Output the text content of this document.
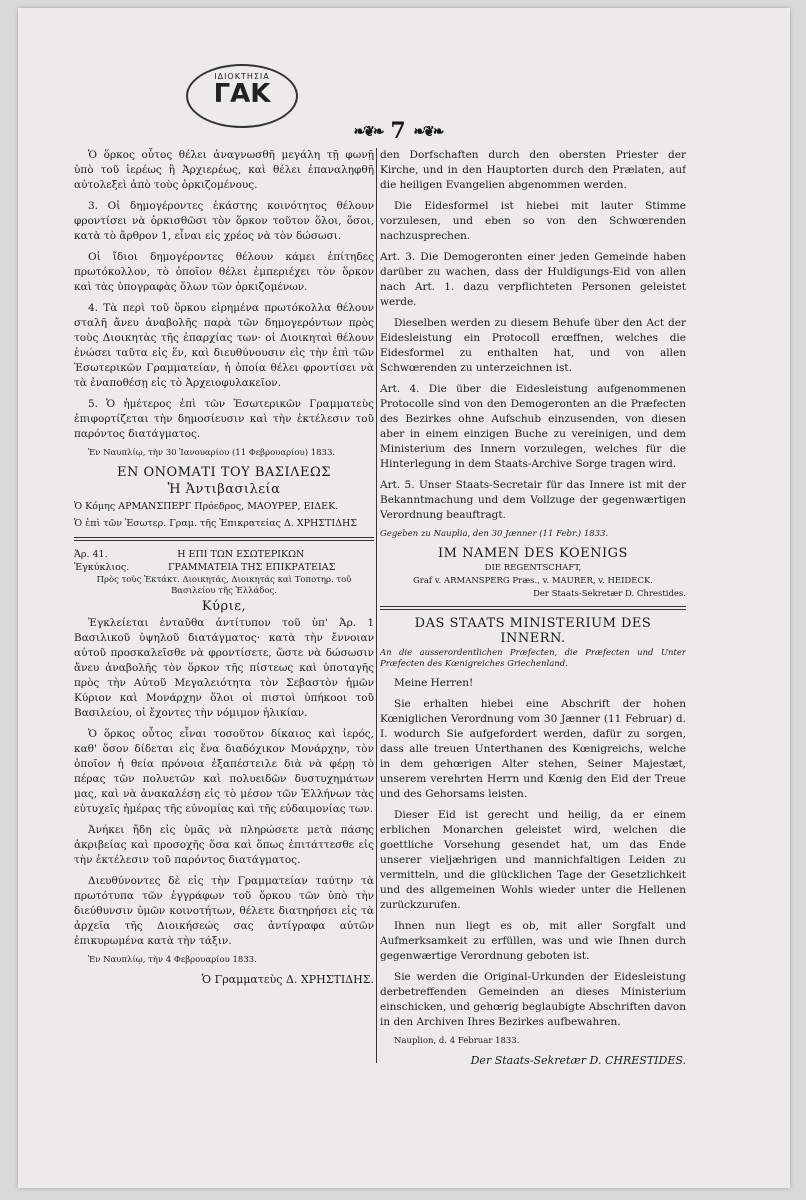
ΙΔΙΟΚΤΗΣΙΑ
ΓΑΚ
❧❦❧ 7 ❧❦❧

Ὁ ὅρκος οὗτος θέλει ἀναγνωσθῆ μεγάλη τῇ φωνῇ ὑπὸ τοῦ ἱερέως ἢ Ἀρχιερέως, καὶ θέλει ἐπαναληφθῆ αὐτολεξεὶ ἀπὸ τοὺς ὁρκιζομένους.

3. Οἱ δημογέροντες ἑκάστης κοινότητος θέλουν φροντίσει νὰ ὁρκισθῶσι τὸν ὅρκον τοῦτον ὅλοι, ὅσοι, κατὰ τὸ ἄρθρον 1, εἶναι εἰς χρέος νὰ τὸν δώσωσι.

Οἱ ἴδιοι δημογέροντες θέλουν κάμει ἐπίτηδες πρωτόκολλον, τὸ ὁποῖον θέλει ἐμπεριέχει τὸν ὅρκον καὶ τὰς ὑπογραφὰς ὅλων τῶν ὁρκιζομένων.

4. Τὰ περὶ τοῦ ὅρκου εἰρημένα πρωτόκολλα θέλουν σταλῆ ἄνευ ἀναβολῆς παρὰ τῶν δημογερόντων πρὸς τοὺς Διοικητὰς τῆς ἐπαρχίας των· οἱ Διοικηταὶ θέλουν ἑνώσει ταῦτα εἰς ἕν, καὶ διευθύνουσιν εἰς τὴν ἐπὶ τῶν Ἐσωτερικῶν Γραμματείαν, ἡ ὁποία θέλει φροντίσει νὰ τὰ ἐναποθέσῃ εἰς τὸ Ἀρχειοφυλακεῖον.

5. Ὁ ἡμέτερος ἐπὶ τῶν Ἐσωτερικῶν Γραμματεὺς ἐπιφορτίζεται τὴν δημοσίευσιν καὶ τὴν ἐκτέλεσιν τοῦ παρόντος διατάγματος.

Ἐν Ναυπλίῳ, τὴν 30 Ἰανουαρίου (11 Φεβρουαρίου) 1833.

ΕΝ ΟΝΟΜΑΤΙ ΤΟΥ ΒΑΣΙΛΕΩΣ
Ἡ Ἀντιβασιλεία
Ὁ Κόμης ΑΡΜΑΝΣΠΕΡΓ Πρόεδρος, ΜΑΟΥΡΕΡ, ΕΙΔΕΚ.
Ὁ ἐπὶ τῶν Ἐσωτερ. Γραμ. τῆς Ἐπικρατείας Δ. ΧΡΗΣΤΙΔΗΣ
Ἀρ. 41.	Η ΕΠΙ ΤΩΝ ΕΣΩΤΕΡΙΚΩΝ
Ἐγκύκλιος.	ΓΡΑΜΜΑΤΕΙΑ ΤΗΣ ΕΠΙΚΡΑΤΕΙΑΣ
Πρὸς τοὺς Ἐκτάκτ. Διοικητάς, Διοικητάς καὶ Τοποτηρ. τοῦ Βασιλείου τῆς Ἑλλάδος.
Κύριε,

Ἐγκλείεται ἐνταῦθα ἀντίτυπον τοῦ ὑπ' Ἀρ. 1 Βασιλικοῦ ὑψηλοῦ διατάγματος· κατὰ τὴν ἔννοιαν αὐτοῦ προσκαλεῖσθε νὰ φροντίσετε, ὥστε νὰ δώσωσιν ἄνευ ἀναβολῆς τὸν ὅρκον τῆς πίστεως καὶ ὑποταγῆς πρὸς τὴν Αὐτοῦ Μεγαλειότητα τὸν Σεβαστὸν ἡμῶν Κύριον καὶ Μονάρχην ὅλοι οἱ πιστοὶ ὑπήκοοι τοῦ Βασιλείου, οἱ ἔχοντες τὴν νόμιμον ἡλικίαν.

Ὁ ὅρκος οὗτος εἶναι τοσοῦτον δίκαιος καὶ ἱερός, καθ' ὅσον δίδεται εἰς ἕνα διαδόχικον Μονάρχην, τὸν ὁποῖον ἡ θεία πρόνοια ἐξαπέστειλε διὰ νὰ φέρῃ τὸ πέρας τῶν πολυετῶν καὶ πολυειδῶν δυστυχημάτων μας, καὶ νὰ ἀνακαλέσῃ εἰς τὸ μέσον τῶν Ἑλλήνων τὰς εὐτυχεῖς ἡμέρας τῆς εὐνομίας καὶ τῆς εὐδαιμονίας των.

Ἀνήκει ἤδη εἰς ὑμᾶς νὰ πληρώσετε μετὰ πάσης ἀκριβείας καὶ προσοχῆς ὅσα καὶ ὅπως ἐπιτάττεσθε εἰς τὴν ἐκτέλεσιν τοῦ παρόντος διατάγματος.

Διευθύνοντες δὲ εἰς τὴν Γραμματείαν ταύτην τὰ πρωτότυπα τῶν ἐγγράφων τοῦ ὅρκου τῶν ὑπὸ τὴν διεύθυνσιν ὑμῶν κοινοτήτων, θέλετε διατηρήσει εἰς τὰ ἀρχεῖα τῆς Διοικήσεώς σας ἀντίγραφα αὐτῶν ἐπικυρωμένα κατὰ τὴν τάξιν.

Ἐν Ναυπλίῳ, τὴν 4 Φεβρουαρίου 1833.

Ὁ Γραμματεὺς Δ. ΧΡΗΣΤΙΔΗΣ.

den Dorfschaften durch den obersten Priester der Kirche, und in den Hauptorten durch den Prælaten, auf die heiligen Evangelien abgenommen werden.

Die Eidesformel ist hiebei mit lauter Stimme vorzulesen, und eben so von den Schwœrenden nachzusprechen.

Art. 3. Die Demogeronten einer jeden Gemeinde haben darüber zu wachen, dass der Huldigungs-Eid von allen nach Art. 1. dazu verpflichteten Personen geleistet werde.

Dieselben werden zu diesem Behufe über den Act der Eidesleistung ein Protocoll erœffnen, welches die Eidesformel zu enthalten hat, und von allen Schwœrenden zu unterzeichnen ist.

Art. 4. Die über die Eidesleistung aufgenommenen Protocolle sind von den Demogeronten an die Præfecten des Bezirkes ohne Aufschub einzusenden, von diesen aber in einem einzigen Buche zu vereinigen, und dem Ministerium des Innern vorzulegen, welches für die Hinterlegung in dem Staats-Archive Sorge tragen wird.

Art. 5. Unser Staats-Secretair für das Innere ist mit der Bekanntmachung und dem Vollzuge der gegenwærtigen Verordnung beauftragt.

Gegeben zu Nauplia, den 30 Jænner (11 Febr.) 1833.

IM NAMEN DES KOENIGS
DIE REGENTSCHAFT,
Graf v. ARMANSPERG Præs., v. MAURER, v. HEIDECK.
Der Staats-Sekretær D. Chrestides.
DAS STAATS MINISTERIUM DES INNERN.

An die ausserordentlichen Præfecten, die Præfecten und Unter Præfecten des Kœnigreiches Griechenland.

Meine Herren!

Sie erhalten hiebei eine Abschrift der hohen Kœniglichen Verordnung vom 30 Jænner (11 Februar) d. I. wodurch Sie aufgefordert werden, dafür zu sorgen, dass alle treuen Unterthanen des Kœnigreichs, welche in dem gehœrigen Alter stehen, Seiner Majestæt, unserem verehrten Herrn und Kœnig den Eid der Treue und des Gehorsams leisten.

Dieser Eid ist gerecht und heilig, da er einem erblichen Monarchen geleistet wird, welchen die goettliche Vorsehung gesendet hat, um das Ende unserer vieljæhrigen und mannichfaltigen Leiden zu vermitteln, und die glücklichen Tage der Gesetzlichkeit und des allgemeinen Wohls wieder unter die Hellenen zurückzurufen.

Ihnen nun liegt es ob, mit aller Sorgfalt und Aufmerksamkeit zu erfüllen, was und wie Ihnen durch gegenwærtige Verordnung geboten ist.

Sie werden die Original-Urkunden der Eidesleistung derbetreffenden Gemeinden an dieses Ministerium einschicken, und gehœrig beglaubigte Abschriften davon in den Archiven Ihres Bezirkes aufbewahren.

Nauplion, d. 4 Februar 1833.

Der Staats-Sekretær D. CHRESTIDES.
